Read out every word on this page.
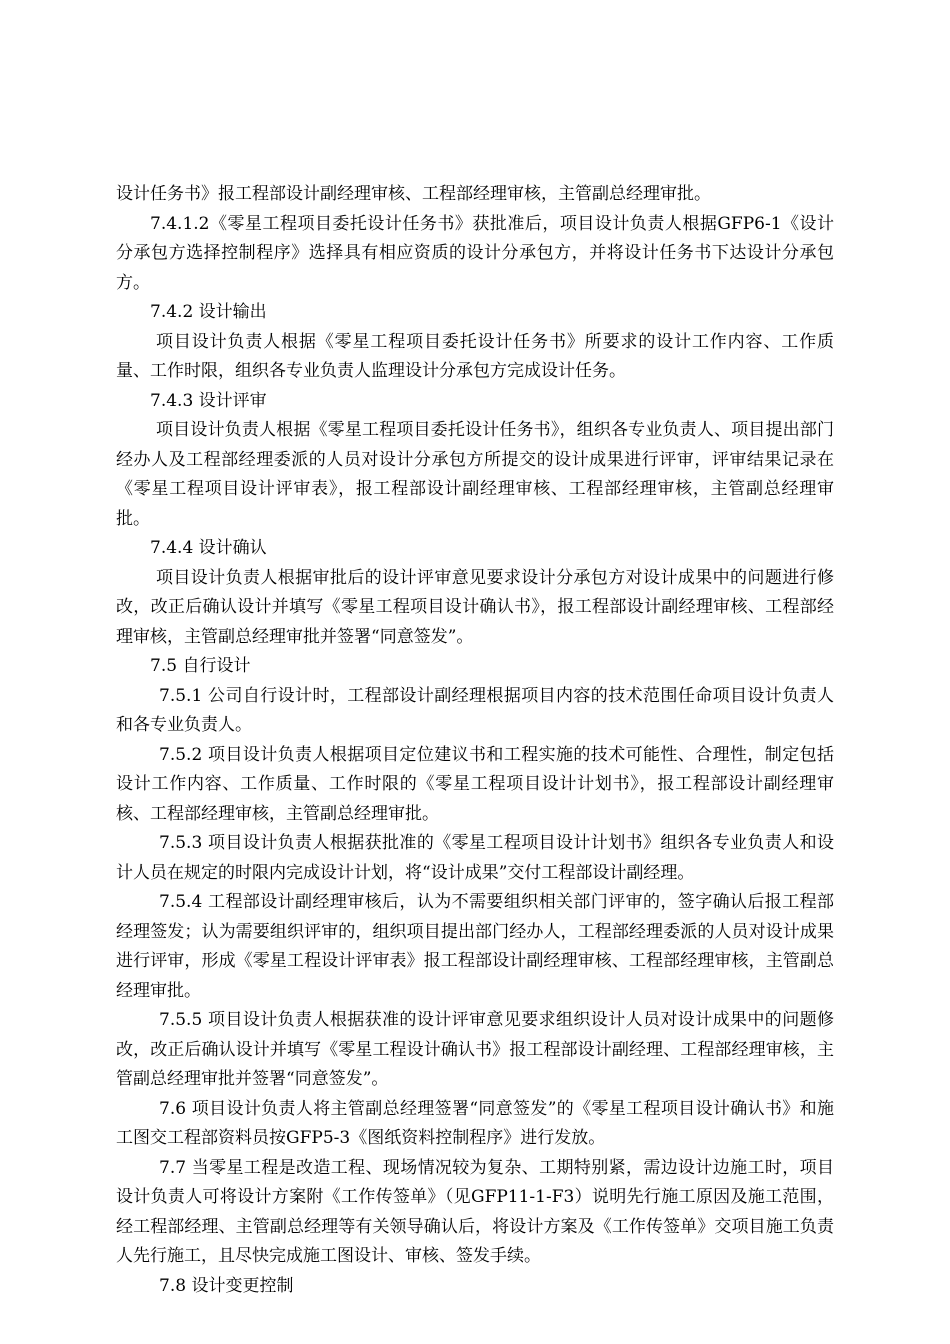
设计任务书》报工程部设计副经理审核、工程部经理审核，主管副总经理审批。

7.4.1.2《零星工程项目委托设计任务书》获批准后，项目设计负责人根据GFP6-1《设计分承包方选择控制程序》选择具有相应资质的设计分承包方，并将设计任务书下达设计分承包方。

7.4.2 设计输出

项目设计负责人根据《零星工程项目委托设计任务书》所要求的设计工作内容、工作质量、工作时限，组织各专业负责人监理设计分承包方完成设计任务。

7.4.3 设计评审

项目设计负责人根据《零星工程项目委托设计任务书》，组织各专业负责人、项目提出部门经办人及工程部经理委派的人员对设计分承包方所提交的设计成果进行评审，评审结果记录在《零星工程项目设计评审表》，报工程部设计副经理审核、工程部经理审核，主管副总经理审批。

7.4.4 设计确认

项目设计负责人根据审批后的设计评审意见要求设计分承包方对设计成果中的问题进行修改，改正后确认设计并填写《零星工程项目设计确认书》，报工程部设计副经理审核、工程部经理审核，主管副总经理审批并签署“同意签发”。

7.5 自行设计

7.5.1 公司自行设计时，工程部设计副经理根据项目内容的技术范围任命项目设计负责人和各专业负责人。

7.5.2 项目设计负责人根据项目定位建议书和工程实施的技术可能性、合理性，制定包括设计工作内容、工作质量、工作时限的《零星工程项目设计计划书》，报工程部设计副经理审核、工程部经理审核，主管副总经理审批。

7.5.3 项目设计负责人根据获批准的《零星工程项目设计计划书》组织各专业负责人和设计人员在规定的时限内完成设计计划，将“设计成果”交付工程部设计副经理。

7.5.4 工程部设计副经理审核后，认为不需要组织相关部门评审的，签字确认后报工程部经理签发；认为需要组织评审的，组织项目提出部门经办人，工程部经理委派的人员对设计成果进行评审，形成《零星工程设计评审表》报工程部设计副经理审核、工程部经理审核，主管副总经理审批。

7.5.5 项目设计负责人根据获准的设计评审意见要求组织设计人员对设计成果中的问题修改，改正后确认设计并填写《零星工程设计确认书》报工程部设计副经理、工程部经理审核，主管副总经理审批并签署“同意签发”。

7.6 项目设计负责人将主管副总经理签署“同意签发”的《零星工程项目设计确认书》和施工图交工程部资料员按GFP5-3《图纸资料控制程序》进行发放。

7.7 当零星工程是改造工程、现场情况较为复杂、工期特别紧，需边设计边施工时，项目设计负责人可将设计方案附《工作传签单》（见GFP11-1-F3）说明先行施工原因及施工范围，经工程部经理、主管副总经理等有关领导确认后，将设计方案及《工作传签单》交项目施工负责人先行施工，且尽快完成施工图设计、审核、签发手续。

7.8 设计变更控制
